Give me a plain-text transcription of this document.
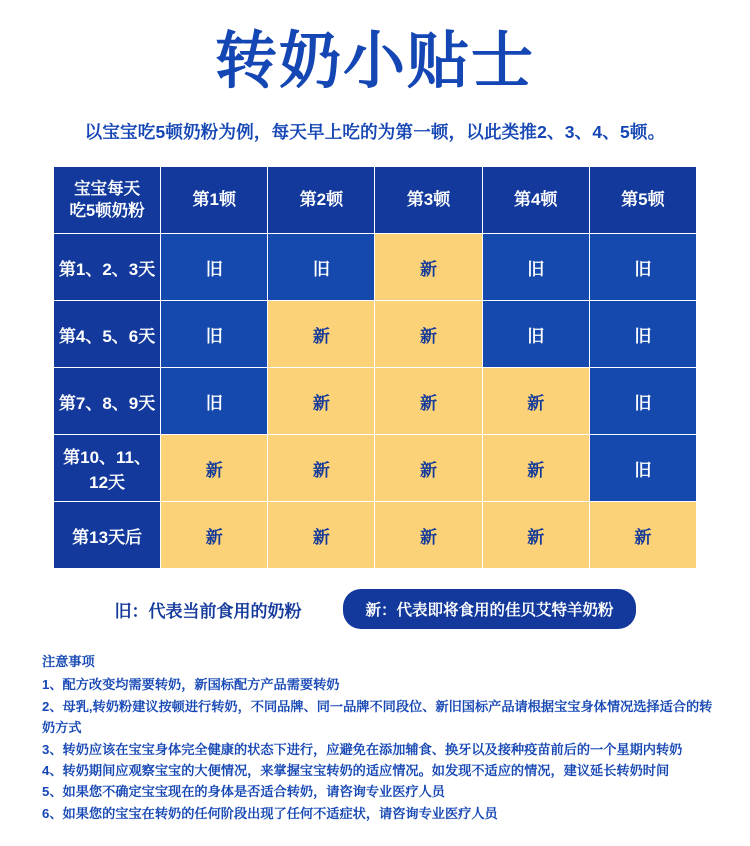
转奶小贴士
以宝宝吃5顿奶粉为例，每天早上吃的为第一顿，以此类推2、3、4、5顿。
宝宝每天
吃5顿奶粉	第1顿	第2顿	第3顿	第4顿	第5顿
第1、2、3天	旧	旧	新	旧	旧
第4、5、6天	旧	新	新	旧	旧
第7、8、9天	旧	新	新	新	旧
第10、11、12天	新	新	新	新	旧
第13天后	新	新	新	新	新
旧：代表当前食用的奶粉	新：代表即将食用的佳贝艾特羊奶粉

注意事项

1、配方改变均需要转奶，新国标配方产品需要转奶

2、母乳,转奶粉建议按顿进行转奶，不同品牌、同一品牌不同段位、新旧国标产品请根据宝宝身体情况选择适合的转奶方式

3、转奶应该在宝宝身体完全健康的状态下进行，应避免在添加辅食、换牙以及接种疫苗前后的一个星期内转奶

4、转奶期间应观察宝宝的大便情况，来掌握宝宝转奶的适应情况。如发现不适应的情况，建议延长转奶时间

5、如果您不确定宝宝现在的身体是否适合转奶，请咨询专业医疗人员

6、如果您的宝宝在转奶的任何阶段出现了任何不适症状，请咨询专业医疗人员
